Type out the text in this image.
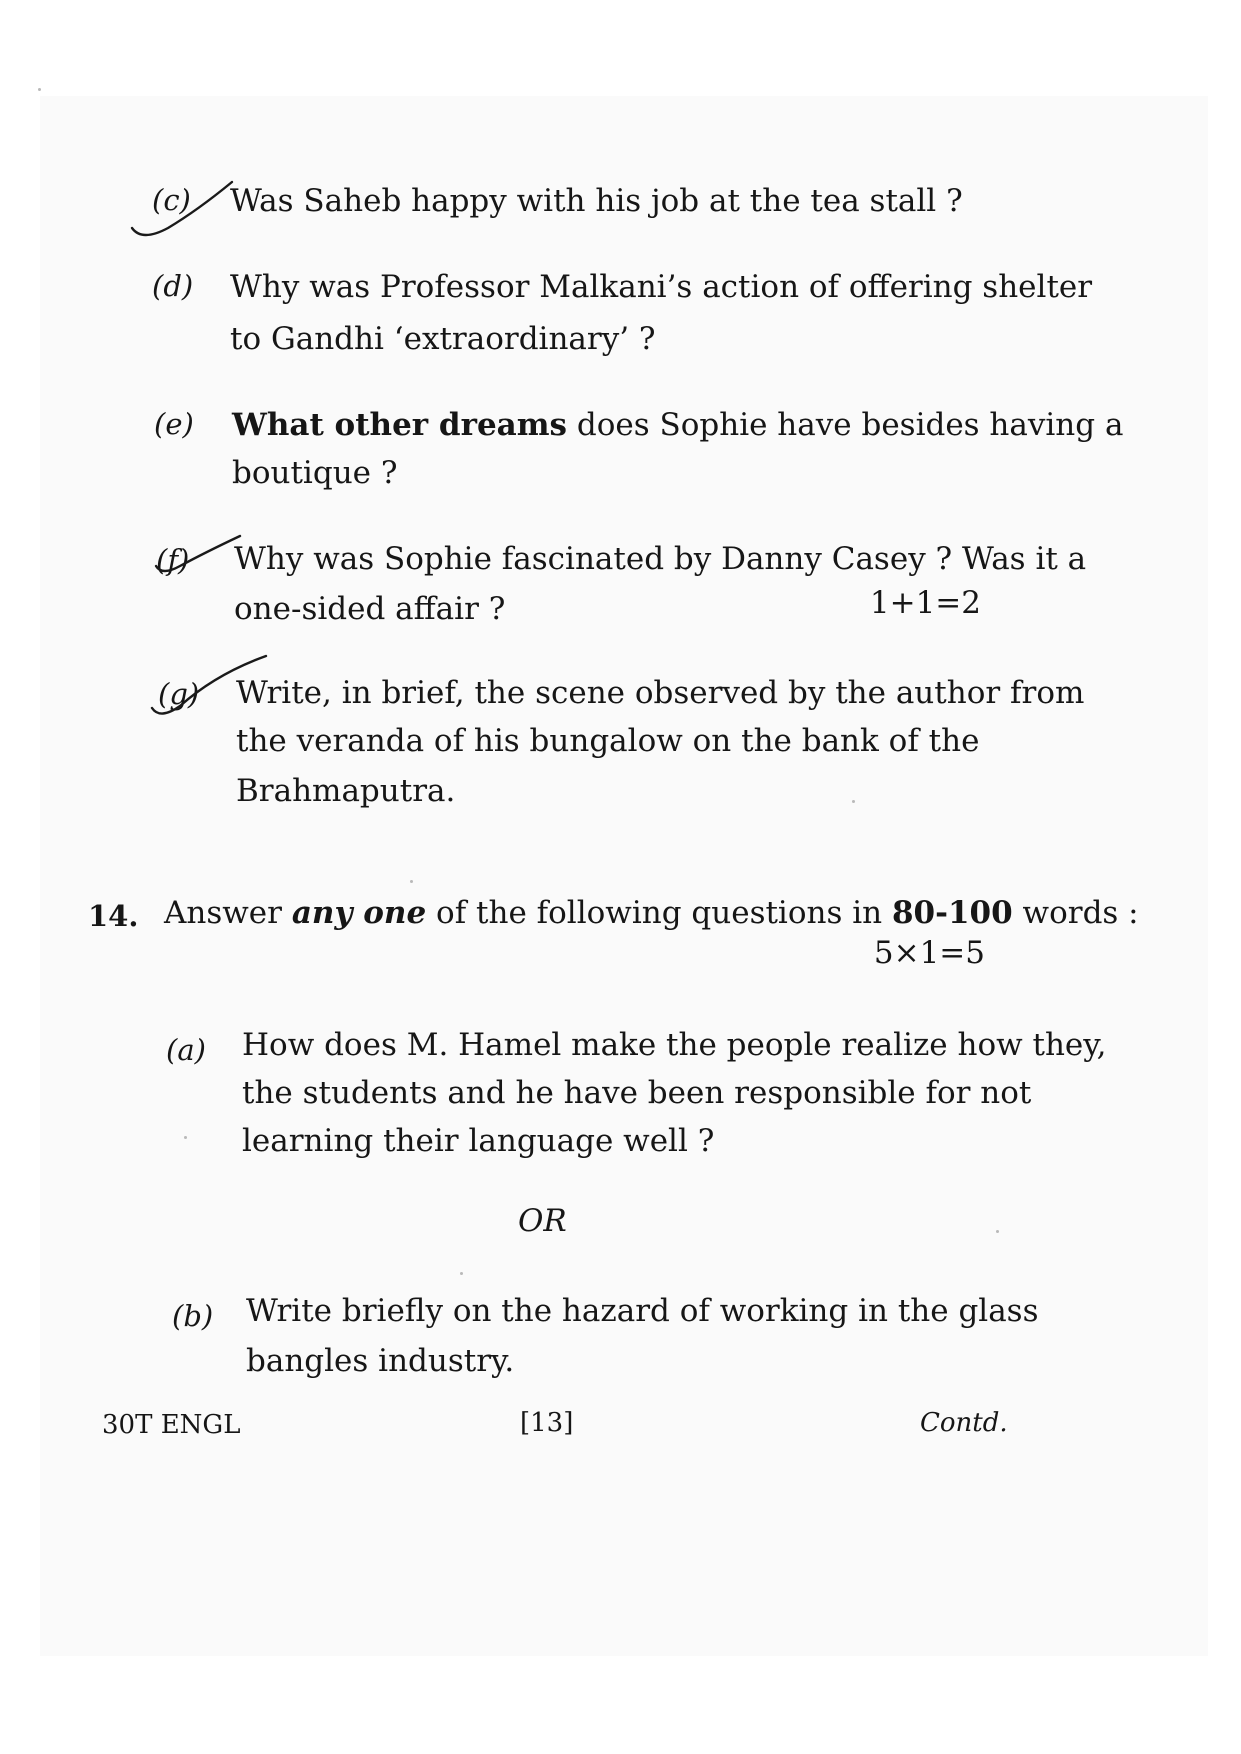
(c) Was Saheb happy with his job at the tea stall ?
(d) Why was Professor Malkani’s action of offering shelter
to Gandhi ‘extraordinary’ ?
(e) What other dreams does Sophie have besides having a
boutique ?
(f) Why was Sophie fascinated by Danny Casey ? Was it a
one-sided affair ?	1+1=2
(g) Write, in brief, the scene observed by the author from
the veranda of his bungalow on the bank of the
Brahmaputra.
14. Answer any one of the following questions in 80-100 words :
5×1=5
(a) How does M. Hamel make the people realize how they,
the students and he have been responsible for not
learning their language well ?
OR
(b) Write briefly on the hazard of working in the glass
bangles industry.
30T ENGL	[13]	Contd.
